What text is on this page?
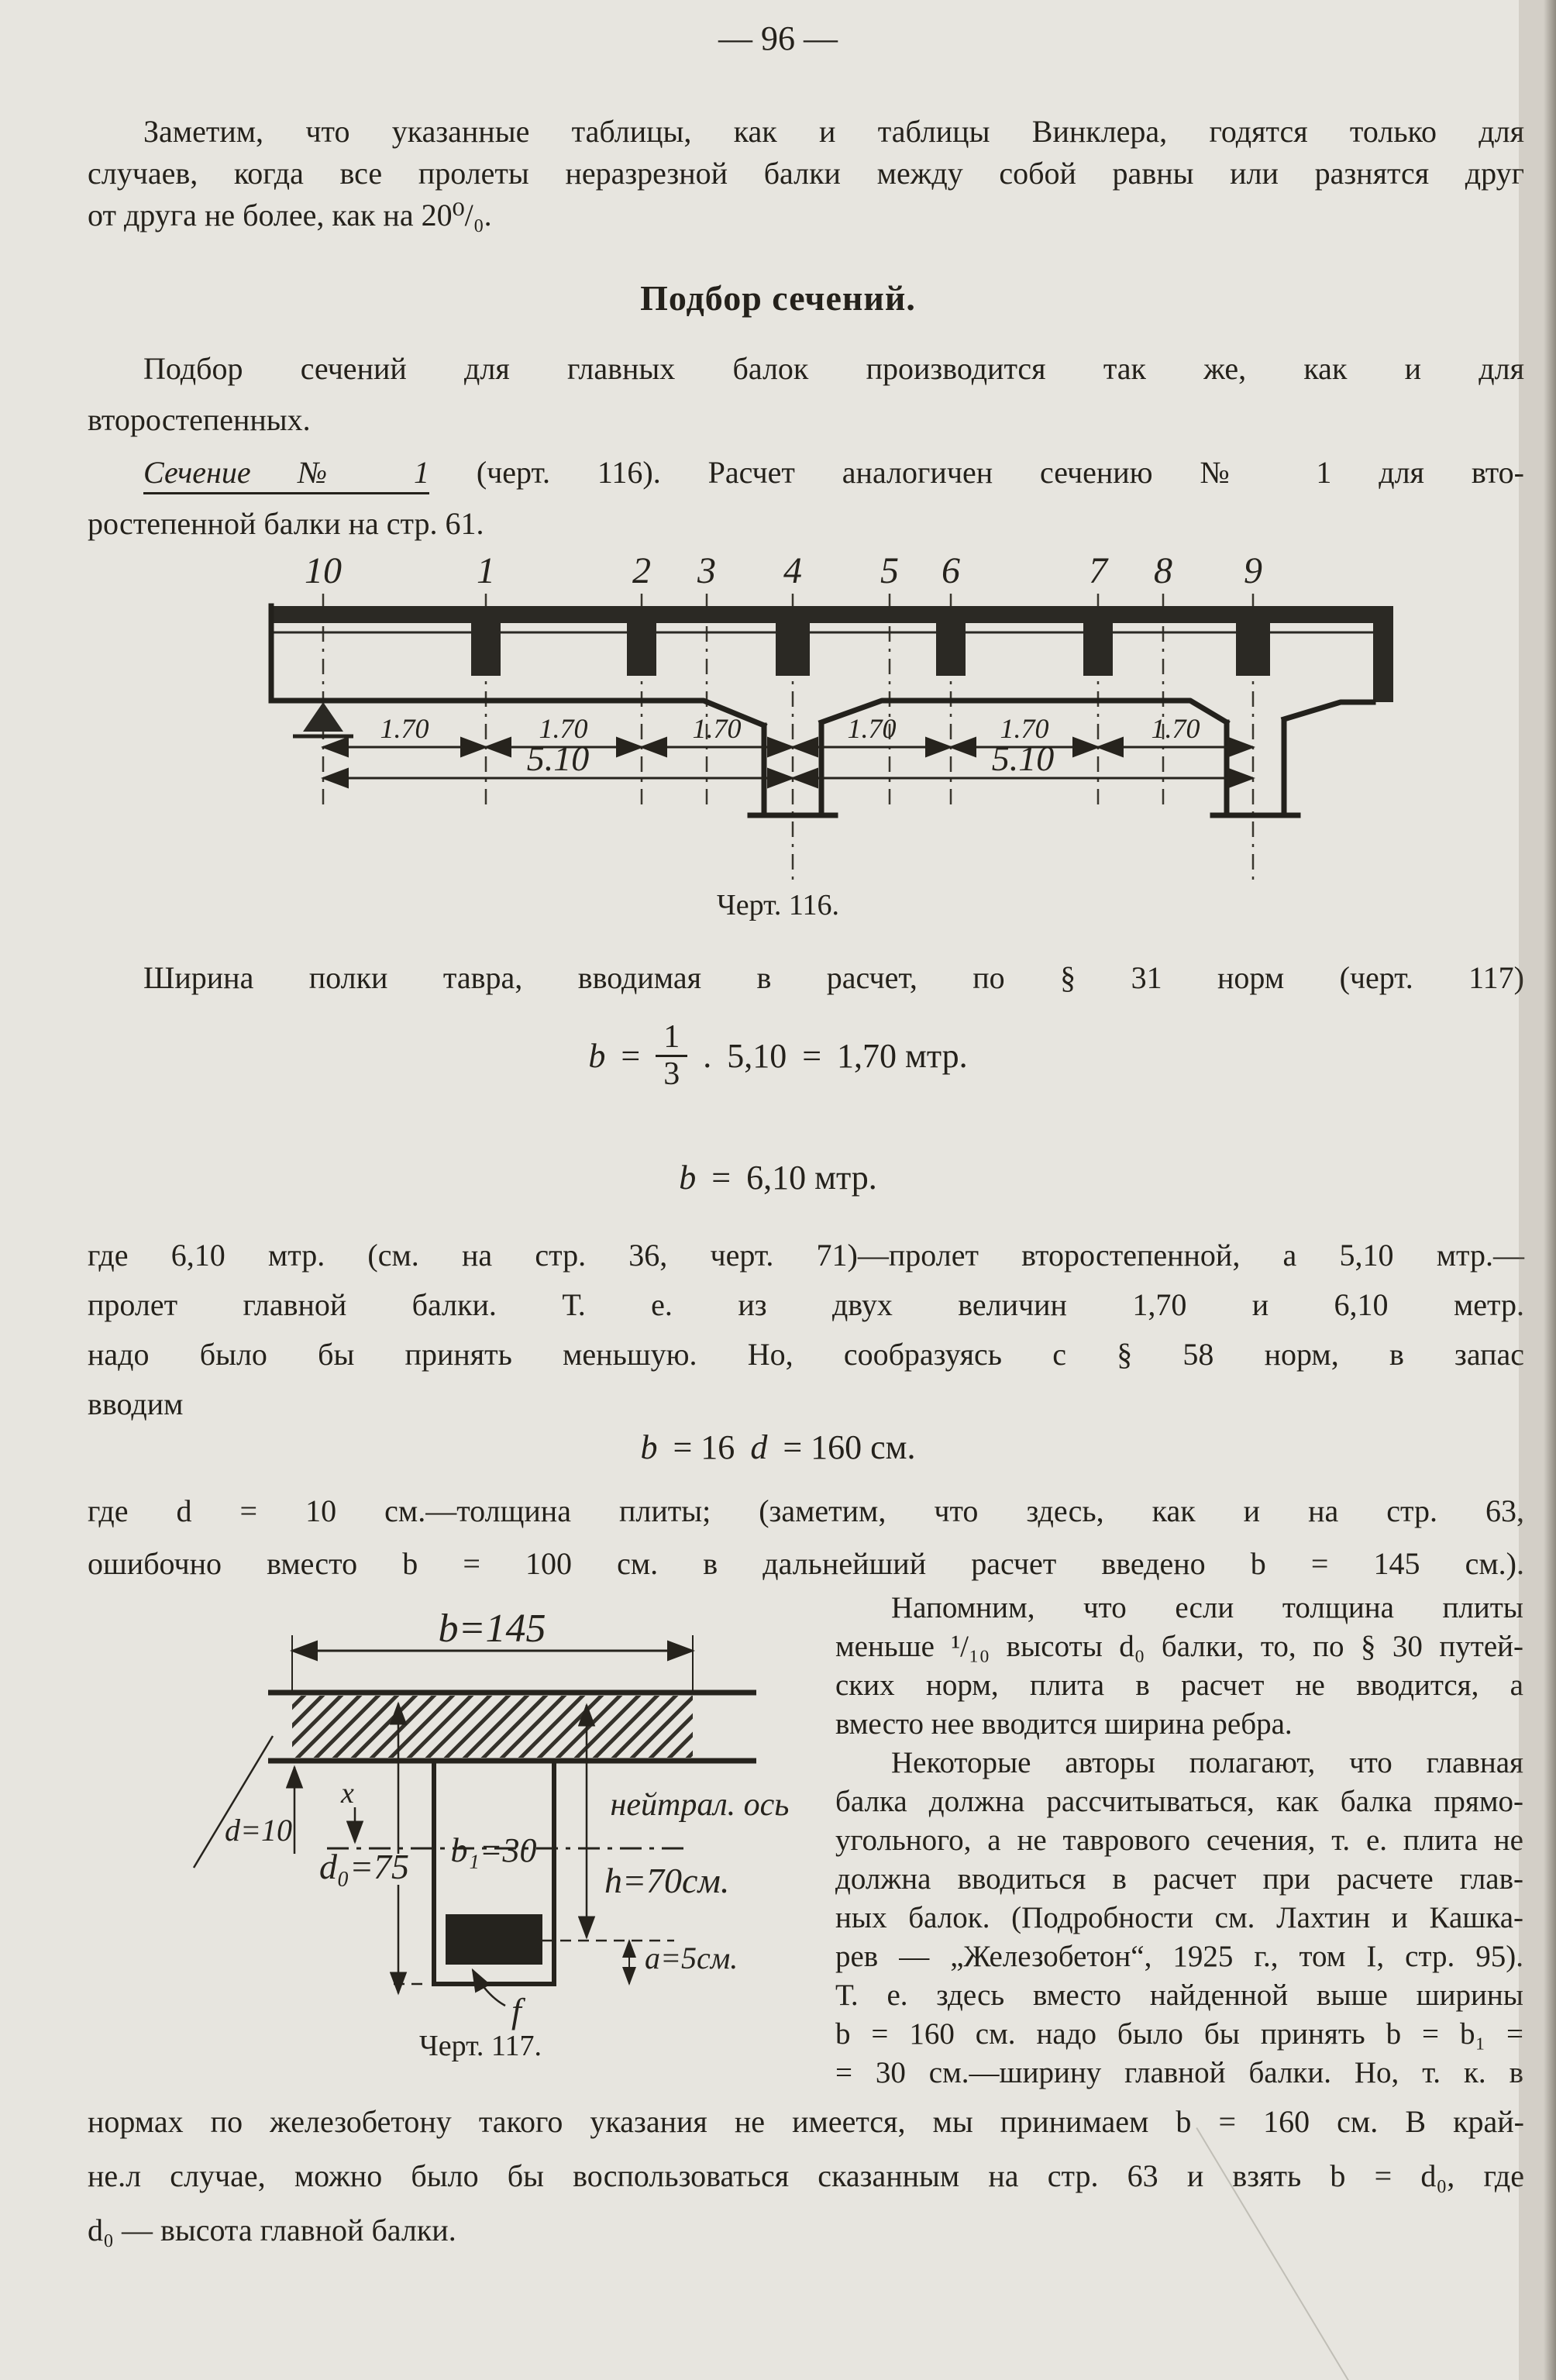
— 96 —
Заметим, что указанные таблицы, как и таблицы Винклера, годятся только для
случаев, когда все пролеты неразрезной балки между собой равны или разнятся друг
от друга не более, как на 20⁰/₀.
Подбор сечений.
Подбор сечений для главных балок производится так же, как и для
второстепенных.
Сечение № 1 (черт. 116). Расчет аналогичен сечению № 1 для вто-
ростепенной балки на стр. 61.
10	1	2 3 4 5 6	7 8 9
1.70	1.70	1.70	1.70	1.70	1.70
5.10	5.10
Черт. 116.
Ширина полки тавра, вводимая в расчет, по § 31 норм (черт. 117)
$b = \frac{1}{3}$ . 5,10 = 1,70 мтр.
b = 6,10 мтр.
где 6,10 мтр. (см. на стр. 36, черт. 71)—пролет второстепенной, а 5,10 мтр.—
пролет главной балки. Т. е. из двух величин 1,70 и 6,10 метр.
надо было бы принять меньшую. Но, сообразуясь с § 58 норм, в запас
вводим
b = 16 d = 160 см.
где d = 10 см.—толщина плиты; (заметим, что здесь, как и на стр. 63,
ошибочно вместо b = 100 см. в дальнейший расчет введено b = 145 см.).
b=145
d=10
x	нейтрал. ось
b₁=30
h=70см.
d₀=75
a=5см.
f
Черт. 117.
Напомним, что если толщина плиты
меньше ¹/₁₀ высоты d₀ балки, то, по § 30 путей-
ских норм, плита в расчет не вводится, а
вместо нее вводится ширина ребра.
Некоторые авторы полагают, что главная
балка должна рассчитываться, как балка прямо-
угольного, а не таврового сечения, т. е. плита не
должна вводиться в расчет при расчете глав-
ных балок. (Подробности см. Лахтин и Кашка-
рев — „Железобетон“, 1925 г., том I, стр. 95).
Т. е. здесь вместо найденной выше ширины
b = 160 см. надо было бы принять b = b₁ =
= 30 см.—ширину главной балки. Но, т. к. в
нормах по железобетону такого указания не имеется, мы принимаем b = 160 см. В край-
не.л случае, можно было бы воспользоваться сказанным на стр. 63 и взять b = d₀, где
d₀ — высота главной балки.
